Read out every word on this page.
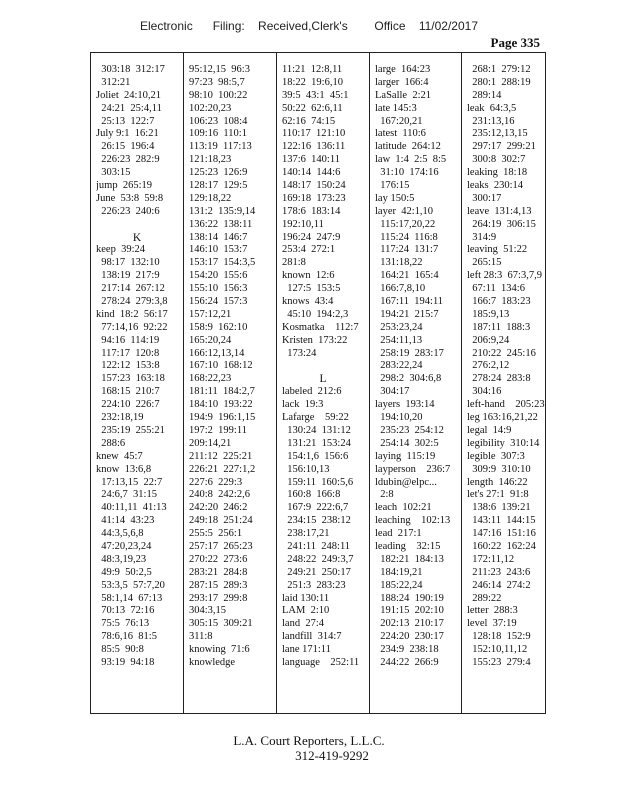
Electronic      Filing:    Received,Clerk's        Office    11/02/2017
Page 335
303:18  312:17
312:21
Joliet  24:10,21
24:21  25:4,11
25:13  122:7
July 9:1  16:21
26:15  196:4
226:23  282:9
303:15
jump  265:19
June  53:8  59:8
226:23  240:6
K
keep  39:24
98:17  132:10
138:19  217:9
217:14  267:12
278:24  279:3,8
kind  18:2  56:17
77:14,16  92:22
94:16  114:19
117:17  120:8
122:12  153:8
157:23  163:18
168:15  210:7
224:10  226:7
232:18,19
235:19  255:21
288:6
knew  45:7
know  13:6,8
17:13,15  22:7
24:6,7  31:15
40:11,11  41:13
41:14  43:23
44:3,5,6,8
47:20,23,24
48:3,19,23
49:9  50:2,5
53:3,5  57:7,20
58:1,14  67:13
70:13  72:16
75:5  76:13
78:6,16  81:5
85:5  90:8
93:19  94:18
95:12,15  96:3
97:23  98:5,7
98:10  100:22
102:20,23
106:23  108:4
109:16  110:1
113:19  117:13
121:18,23
125:23  126:9
128:17  129:5
129:18,22
131:2  135:9,14
136:22  138:11
138:14  146:7
146:10  153:7
153:17  154:3,5
154:20  155:6
155:10  156:3
156:24  157:3
157:12,21
158:9  162:10
165:20,24
166:12,13,14
167:10  168:12
168:22,23
181:11  184:2,7
184:10  193:22
194:9  196:1,15
197:2  199:11
209:14,21
211:12  225:21
226:21  227:1,2
227:6  229:3
240:8  242:2,6
242:20  246:2
249:18  251:24
255:5  256:1
257:17  265:23
270:22  273:6
283:21  284:8
287:15  289:3
293:17  299:8
304:3,15
305:15  309:21
311:8
knowing  71:6
knowledge
11:21  12:8,11
18:22  19:6,10
39:5  43:1  45:1
50:22  62:6,11
62:16  74:15
110:17  121:10
122:16  136:11
137:6  140:11
140:14  144:6
148:17  150:24
169:18  173:23
178:6  183:14
192:10,11
196:24  247:9
253:4  272:1
281:8
known  12:6
127:5  153:5
knows  43:4
45:10  194:2,3
Kosmatka    112:7
Kristen  173:22
173:24
L
labeled  212:6
lack  19:3
Lafarge    59:22
130:24  131:12
131:21  153:24
154:1,6  156:6
156:10,13
159:11  160:5,6
160:8  166:8
167:9  222:6,7
234:15  238:12
238:17,21
241:11  248:11
248:22  249:3,7
249:21  250:17
251:3  283:23
laid 130:11
LAM  2:10
land  27:4
landfill  314:7
lane 171:11
language    252:11
large  164:23
larger  166:4
LaSalle  2:21
late 145:3
167:20,21
latest  110:6
latitude  264:12
law  1:4  2:5  8:5
31:10  174:16
176:15
lay 150:5
layer  42:1,10
115:17,20,22
115:24  116:8
117:24  131:7
131:18,22
164:21  165:4
166:7,8,10
167:11  194:11
194:21  215:7
253:23,24
254:11,13
258:19  283:17
283:22,24
298:2  304:6,8
304:17
layers  193:14
194:10,20
235:23  254:12
254:14  302:5
laying  115:19
layperson    236:7
ldubin@elpc...
2:8
leach  102:21
leaching    102:13
lead  217:1
leading    32:15
182:21  184:13
184:19,21
185:22,24
188:24  190:19
191:15  202:10
202:13  210:17
224:20  230:17
234:9  238:18
244:22  266:9
268:1  279:12
280:1  288:19
289:14
leak  64:3,5
231:13,16
235:12,13,15
297:17  299:21
300:8  302:7
leaking  18:18
leaks  230:14
300:17
leave  131:4,13
264:19  306:15
314:9
leaving  51:22
265:15
left 28:3  67:3,7,9
67:11  134:6
166:7  183:23
185:9,13
187:11  188:3
206:9,24
210:22  245:16
276:2,12
278:24  283:8
304:16
left-hand    205:23
leg 163:16,21,22
legal  14:9
legibility  310:14
legible  307:3
309:9  310:10
length  146:22
let's 27:1  91:8
138:6  139:21
143:11  144:15
147:16  151:16
160:22  162:24
172:11,12
211:23  243:6
246:14  274:2
289:22
letter  288:3
level  37:19
128:18  152:9
152:10,11,12
155:23  279:4
L.A. Court Reporters, L.L.C.
312-419-9292
